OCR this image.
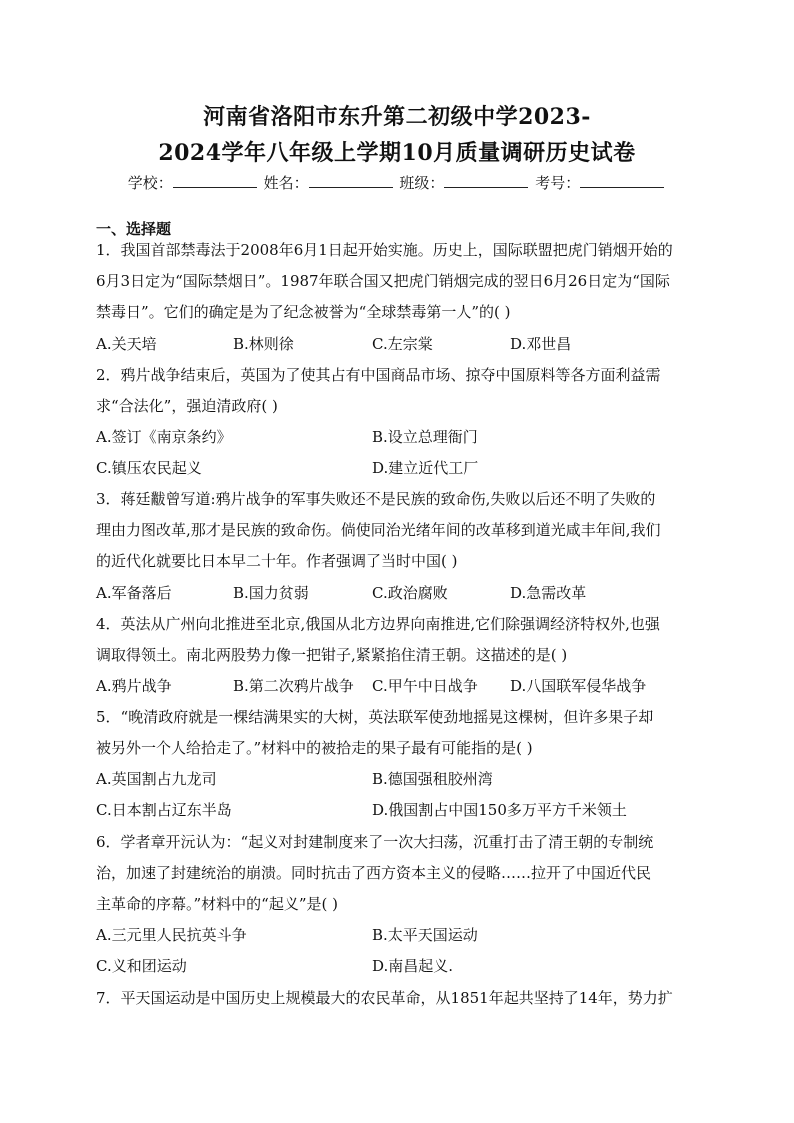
河南省洛阳市东升第二初级中学2023-
2024学年八年级上学期10月质量调研历史试卷
学校：	姓名：	班级：	考号：
一、选择题
1．我国首部禁毒法于2008年6月1日起开始实施。历史上，国际联盟把虎门销烟开始的
6月3日定为“国际禁烟日”。1987年联合国又把虎门销烟完成的翌日6月26日定为“国际
禁毒日”。它们的确定是为了纪念被誉为“全球禁毒第一人”的( )
A.关天培	B.林则徐	C.左宗棠	D.邓世昌
2．鸦片战争结束后，英国为了使其占有中国商品市场、掠夺中国原料等各方面利益需
求“合法化”，强迫清政府( )
A.签订《南京条约》	B.设立总理衙门
C.镇压农民起义	D.建立近代工厂
3．蒋廷黻曾写道:鸦片战争的军事失败还不是民族的致命伤,失败以后还不明了失败的
理由力图改革,那才是民族的致命伤。倘使同治光绪年间的改革移到道光咸丰年间,我们
的近代化就要比日本早二十年。作者强调了当时中国( )
A.军备落后	B.国力贫弱	C.政治腐败	D.急需改革
4．英法从广州向北推进至北京,俄国从北方边界向南推进,它们除强调经济特权外,也强
调取得领土。南北两股势力像一把钳子,紧紧掐住清王朝。这描述的是( )
A.鸦片战争	B.第二次鸦片战争 C.甲午中日战争 D.八国联军侵华战争
5．“晚清政府就是一棵结满果实的大树，英法联军使劲地摇晃这棵树，但许多果子却
被另外一个人给拾走了。”材料中的被拾走的果子最有可能指的是( )
A.英国割占九龙司	B.德国强租胶州湾
C.日本割占辽东半岛	D.俄国割占中国150多万平方千米领土
6．学者章开沅认为：“起义对封建制度来了一次大扫荡，沉重打击了清王朝的专制统
治，加速了封建统治的崩溃。同时抗击了西方资本主义的侵略……拉开了中国近代民
主革命的序幕。”材料中的“起义”是( )
A.三元里人民抗英斗争	B.太平天国运动
C.义和团运动	D.南昌起义.
7．平天国运动是中国历史上规模最大的农民革命，从1851年起共坚持了14年，势力扩
